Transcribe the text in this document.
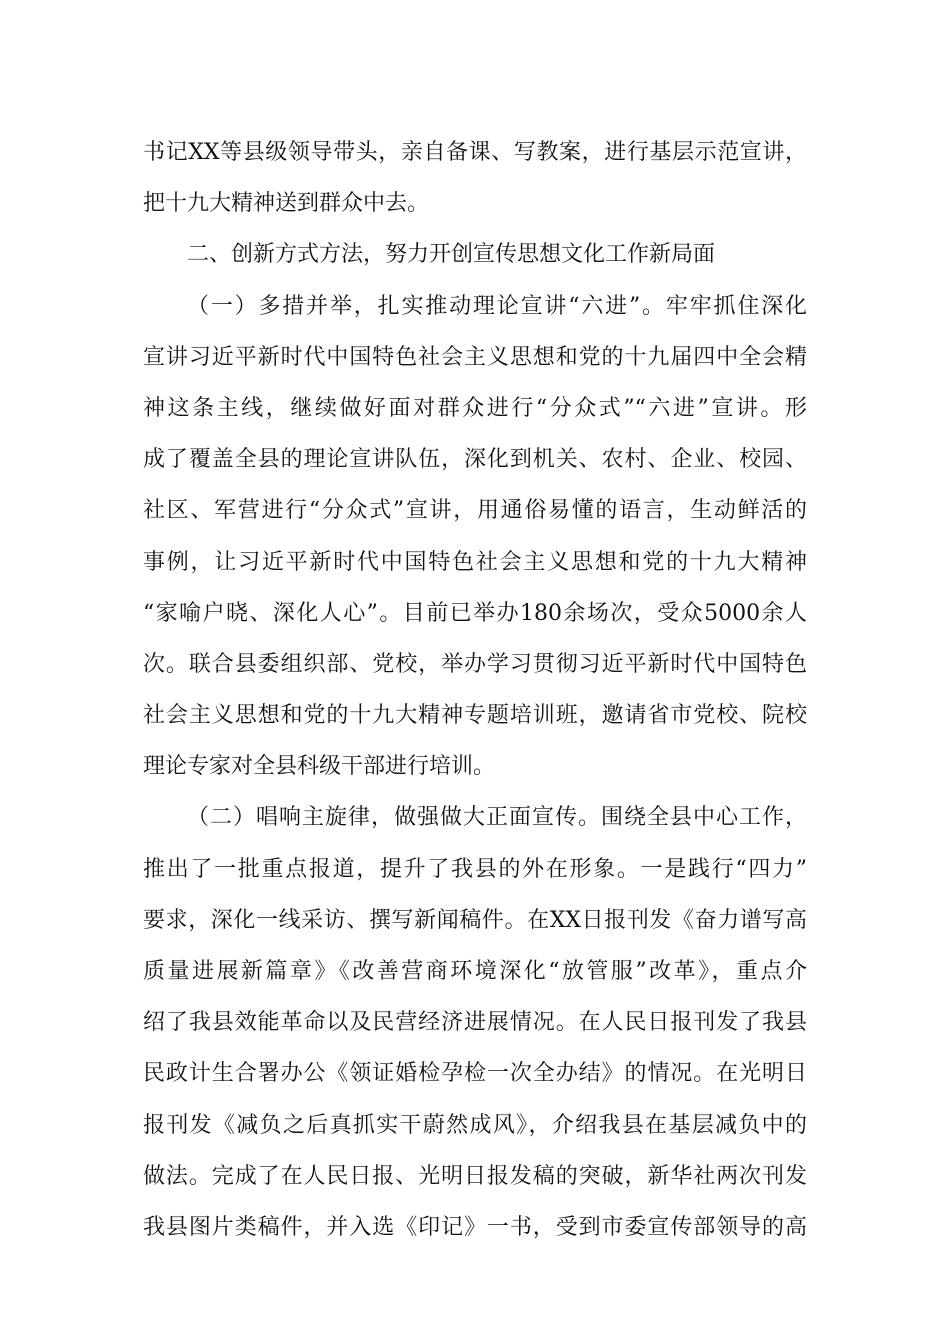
书记XX等县级领导带头，亲自备课、写教案，进行基层示范宣讲，
把十九大精神送到群众中去。
二、创新方式方法，努力开创宣传思想文化工作新局面
（一）多措并举，扎实推动理论宣讲“六进”。牢牢抓住深化
宣讲习近平新时代中国特色社会主义思想和党的十九届四中全会精
神这条主线，继续做好面对群众进行“分众式”“六进”宣讲。形
成了覆盖全县的理论宣讲队伍，深化到机关、农村、企业、校园、
社区、军营进行“分众式”宣讲，用通俗易懂的语言，生动鲜活的
事例，让习近平新时代中国特色社会主义思想和党的十九大精神
“家喻户晓、深化人心”。目前已举办180余场次，受众5000余人
次。联合县委组织部、党校，举办学习贯彻习近平新时代中国特色
社会主义思想和党的十九大精神专题培训班，邀请省市党校、院校
理论专家对全县科级干部进行培训。
（二）唱响主旋律，做强做大正面宣传。围绕全县中心工作，
推出了一批重点报道，提升了我县的外在形象。一是践行“四力”
要求，深化一线采访、撰写新闻稿件。在XX日报刊发《奋力谱写高
质量进展新篇章》《改善营商环境深化“放管服”改革》，重点介
绍了我县效能革命以及民营经济进展情况。在人民日报刊发了我县
民政计生合署办公《领证婚检孕检一次全办结》的情况。在光明日
报刊发《减负之后真抓实干蔚然成风》，介绍我县在基层减负中的
做法。完成了在人民日报、光明日报发稿的突破，新华社两次刊发
我县图片类稿件，并入选《印记》一书，受到市委宣传部领导的高
